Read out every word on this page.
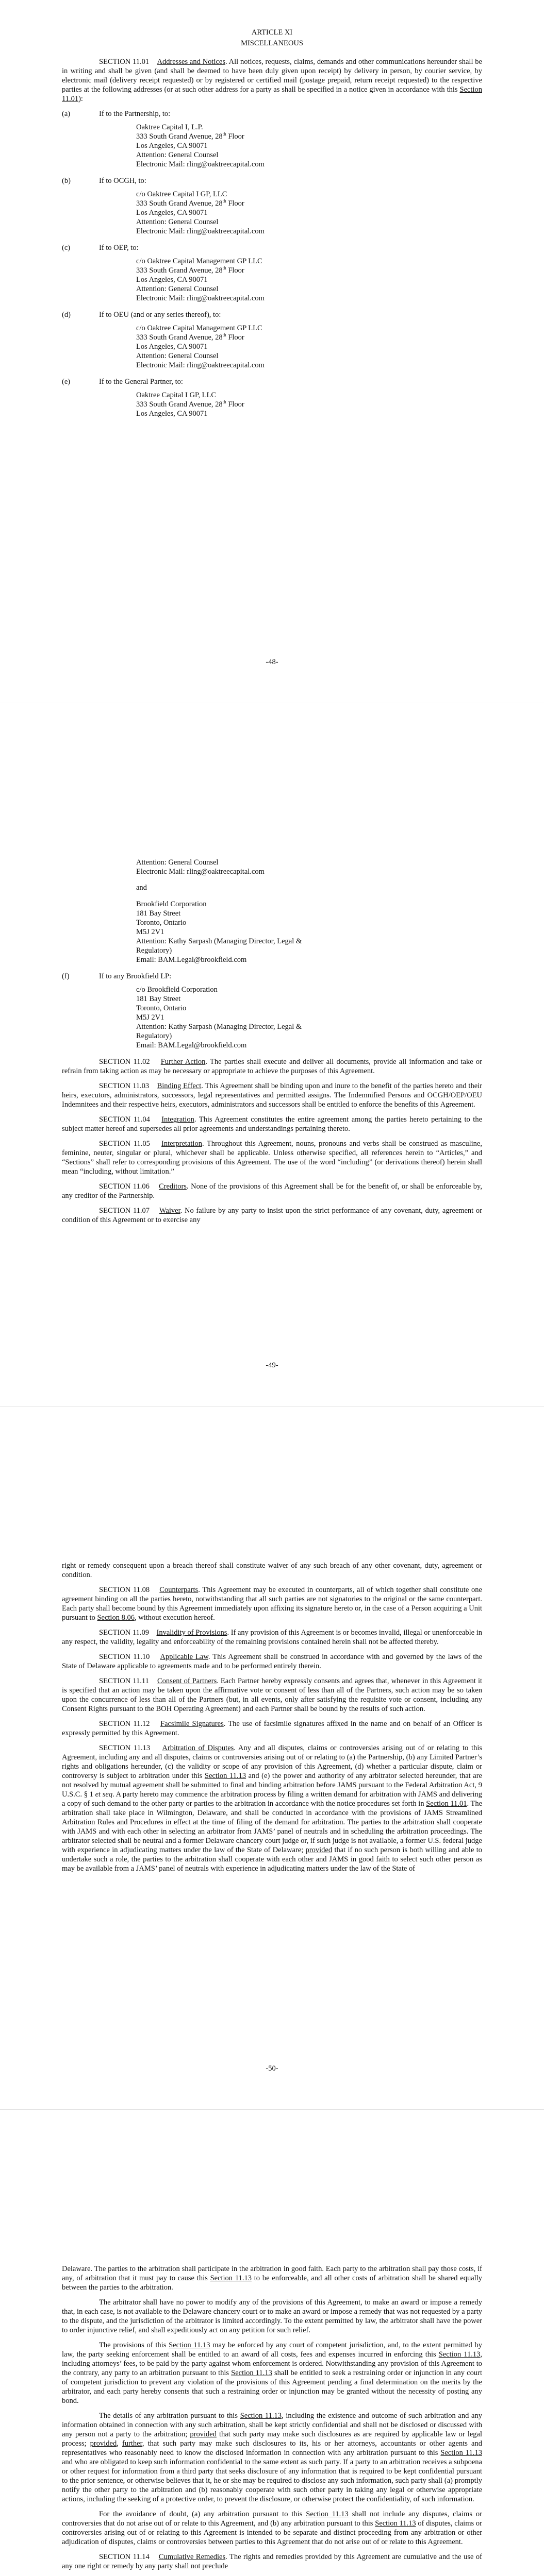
ARTICLE XI
MISCELLANEOUS

SECTION 11.01 Addresses and Notices. All notices, requests, claims, demands and other communications hereunder shall be in writing and shall be given (and shall be deemed to have been duly given upon receipt) by delivery in person, by courier service, by electronic mail (delivery receipt requested) or by registered or certified mail (postage prepaid, return receipt requested) to the respective parties at the following addresses (or at such other address for a party as shall be specified in a notice given in accordance with this Section 11.01):

(a)	If to the Partnership, to:
Oaktree Capital I, L.P.
333 South Grand Avenue, 28th Floor
Los Angeles, CA 90071
Attention: General Counsel
Electronic Mail: rling@oaktreecapital.com
(b)	If to OCGH, to:
c/o Oaktree Capital I GP, LLC
333 South Grand Avenue, 28th Floor
Los Angeles, CA 90071
Attention: General Counsel
Electronic Mail: rling@oaktreecapital.com
(c)	If to OEP, to:
c/o Oaktree Capital Management GP LLC
333 South Grand Avenue, 28th Floor
Los Angeles, CA 90071
Attention: General Counsel
Electronic Mail: rling@oaktreecapital.com
(d)	If to OEU (and or any series thereof), to:
c/o Oaktree Capital Management GP LLC
333 South Grand Avenue, 28th Floor
Los Angeles, CA 90071
Attention: General Counsel
Electronic Mail: rling@oaktreecapital.com
(e)	If to the General Partner, to:
Oaktree Capital I GP, LLC
333 South Grand Avenue, 28th Floor
Los Angeles, CA 90071
-48-
Attention: General Counsel
Electronic Mail: rling@oaktreecapital.com
and
Brookfield Corporation
181 Bay Street
Toronto, Ontario
M5J 2V1
Attention: Kathy Sarpash (Managing Director, Legal &
Regulatory)
Email: BAM.Legal@brookfield.com
(f)	If to any Brookfield LP:
c/o Brookfield Corporation
181 Bay Street
Toronto, Ontario
M5J 2V1
Attention: Kathy Sarpash (Managing Director, Legal &
Regulatory)
Email: BAM.Legal@brookfield.com

SECTION 11.02 Further Action. The parties shall execute and deliver all documents, provide all information and take or refrain from taking action as may be necessary or appropriate to achieve the purposes of this Agreement.

SECTION 11.03 Binding Effect. This Agreement shall be binding upon and inure to the benefit of the parties hereto and their heirs, executors, administrators, successors, legal representatives and permitted assigns. The Indemnified Persons and OCGH/OEP/OEU Indemnitees and their respective heirs, executors, administrators and successors shall be entitled to enforce the benefits of this Agreement.

SECTION 11.04 Integration. This Agreement constitutes the entire agreement among the parties hereto pertaining to the subject matter hereof and supersedes all prior agreements and understandings pertaining thereto.

SECTION 11.05 Interpretation. Throughout this Agreement, nouns, pronouns and verbs shall be construed as masculine, feminine, neuter, singular or plural, whichever shall be applicable. Unless otherwise specified, all references herein to “Articles,” and “Sections” shall refer to corresponding provisions of this Agreement. The use of the word “including” (or derivations thereof) herein shall mean “including, without limitation.”

SECTION 11.06 Creditors. None of the provisions of this Agreement shall be for the benefit of, or shall be enforceable by, any creditor of the Partnership.

SECTION 11.07 Waiver. No failure by any party to insist upon the strict performance of any covenant, duty, agreement or condition of this Agreement or to exercise any

-49-

right or remedy consequent upon a breach thereof shall constitute waiver of any such breach of any other covenant, duty, agreement or condition.

SECTION 11.08 Counterparts. This Agreement may be executed in counterparts, all of which together shall constitute one agreement binding on all the parties hereto, notwithstanding that all such parties are not signatories to the original or the same counterpart. Each party shall become bound by this Agreement immediately upon affixing its signature hereto or, in the case of a Person acquiring a Unit pursuant to Section 8.06, without execution hereof.

SECTION 11.09 Invalidity of Provisions. If any provision of this Agreement is or becomes invalid, illegal or unenforceable in any respect, the validity, legality and enforceability of the remaining provisions contained herein shall not be affected thereby.

SECTION 11.10 Applicable Law. This Agreement shall be construed in accordance with and governed by the laws of the State of Delaware applicable to agreements made and to be performed entirely therein.

SECTION 11.11 Consent of Partners. Each Partner hereby expressly consents and agrees that, whenever in this Agreement it is specified that an action may be taken upon the affirmative vote or consent of less than all of the Partners, such action may be so taken upon the concurrence of less than all of the Partners (but, in all events, only after satisfying the requisite vote or consent, including any Consent Rights pursuant to the BOH Operating Agreement) and each Partner shall be bound by the results of such action.

SECTION 11.12 Facsimile Signatures. The use of facsimile signatures affixed in the name and on behalf of an Officer is expressly permitted by this Agreement.

SECTION 11.13 Arbitration of Disputes. Any and all disputes, claims or controversies arising out of or relating to this Agreement, including any and all disputes, claims or controversies arising out of or relating to (a) the Partnership, (b) any Limited Partner’s rights and obligations hereunder, (c) the validity or scope of any provision of this Agreement, (d) whether a particular dispute, claim or controversy is subject to arbitration under this Section 11.13 and (e) the power and authority of any arbitrator selected hereunder, that are not resolved by mutual agreement shall be submitted to final and binding arbitration before JAMS pursuant to the Federal Arbitration Act, 9 U.S.C. § 1 et seq. A party hereto may commence the arbitration process by filing a written demand for arbitration with JAMS and delivering a copy of such demand to the other party or parties to the arbitration in accordance with the notice procedures set forth in Section 11.01. The arbitration shall take place in Wilmington, Delaware, and shall be conducted in accordance with the provisions of JAMS Streamlined Arbitration Rules and Procedures in effect at the time of filing of the demand for arbitration. The parties to the arbitration shall cooperate with JAMS and with each other in selecting an arbitrator from JAMS’ panel of neutrals and in scheduling the arbitration proceedings. The arbitrator selected shall be neutral and a former Delaware chancery court judge or, if such judge is not available, a former U.S. federal judge with experience in adjudicating matters under the law of the State of Delaware; provided that if no such person is both willing and able to undertake such a role, the parties to the arbitration shall cooperate with each other and JAMS in good faith to select such other person as may be available from a JAMS’ panel of neutrals with experience in adjudicating matters under the law of the State of

-50-

Delaware. The parties to the arbitration shall participate in the arbitration in good faith. Each party to the arbitration shall pay those costs, if any, of arbitration that it must pay to cause this Section 11.13 to be enforceable, and all other costs of arbitration shall be shared equally between the parties to the arbitration.

The arbitrator shall have no power to modify any of the provisions of this Agreement, to make an award or impose a remedy that, in each case, is not available to the Delaware chancery court or to make an award or impose a remedy that was not requested by a party to the dispute, and the jurisdiction of the arbitrator is limited accordingly. To the extent permitted by law, the arbitrator shall have the power to order injunctive relief, and shall expeditiously act on any petition for such relief.

The provisions of this Section 11.13 may be enforced by any court of competent jurisdiction, and, to the extent permitted by law, the party seeking enforcement shall be entitled to an award of all costs, fees and expenses incurred in enforcing this Section 11.13, including attorneys’ fees, to be paid by the party against whom enforcement is ordered. Notwithstanding any provision of this Agreement to the contrary, any party to an arbitration pursuant to this Section 11.13 shall be entitled to seek a restraining order or injunction in any court of competent jurisdiction to prevent any violation of the provisions of this Agreement pending a final determination on the merits by the arbitrator, and each party hereby consents that such a restraining order or injunction may be granted without the necessity of posting any bond.

The details of any arbitration pursuant to this Section 11.13, including the existence and outcome of such arbitration and any information obtained in connection with any such arbitration, shall be kept strictly confidential and shall not be disclosed or discussed with any person not a party to the arbitration; provided that such party may make such disclosures as are required by applicable law or legal process; provided, further, that such party may make such disclosures to its, his or her attorneys, accountants or other agents and representatives who reasonably need to know the disclosed information in connection with any arbitration pursuant to this Section 11.13 and who are obligated to keep such information confidential to the same extent as such party. If a party to an arbitration receives a subpoena or other request for information from a third party that seeks disclosure of any information that is required to be kept confidential pursuant to the prior sentence, or otherwise believes that it, he or she may be required to disclose any such information, such party shall (a) promptly notify the other party to the arbitration and (b) reasonably cooperate with such other party in taking any legal or otherwise appropriate actions, including the seeking of a protective order, to prevent the disclosure, or otherwise protect the confidentiality, of such information.

For the avoidance of doubt, (a) any arbitration pursuant to this Section 11.13 shall not include any disputes, claims or controversies that do not arise out of or relate to this Agreement, and (b) any arbitration pursuant to this Section 11.13 of disputes, claims or controversies arising out of or relating to this Agreement is intended to be separate and distinct proceeding from any arbitration or other adjudication of disputes, claims or controversies between parties to this Agreement that do not arise out of or relate to this Agreement.

SECTION 11.14 Cumulative Remedies. The rights and remedies provided by this Agreement are cumulative and the use of any one right or remedy by any party shall not preclude
